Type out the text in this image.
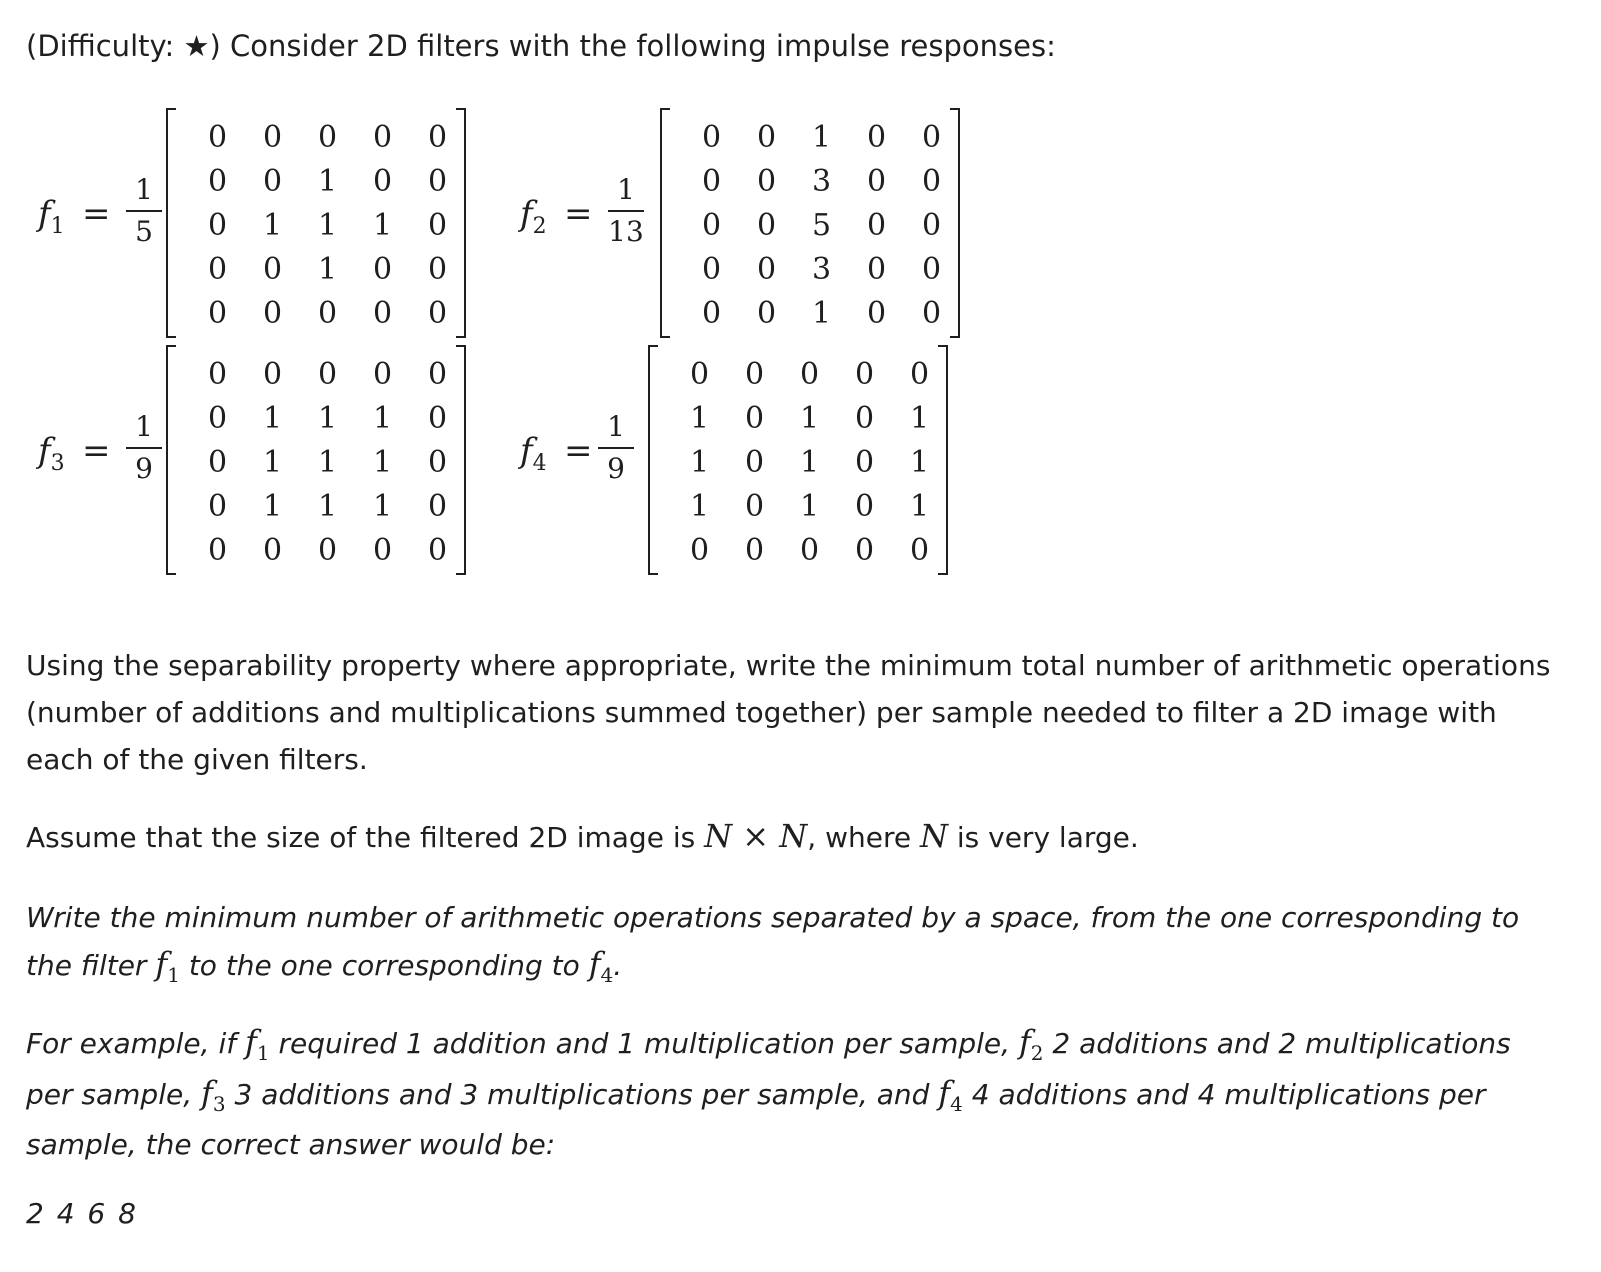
(Difficulty: ★) Consider 2D filters with the following impulse responses:
$f_1$ =
1
5
0	0	0	0	0
0	0	1	0	0
0	1	1	1	0
0	0	1	0	0
0	0	0	0	0
$f_2$ =
1
13
0	0	1	0	0
0	0	3	0	0
0	0	5	0	0
0	0	3	0	0
0	0	1	0	0
$f_3$ =
1
9
0	0	0	0	0
0	1	1	1	0
0	1	1	1	0
0	1	1	1	0
0	0	0	0	0
$f_4$ =
1
9
0	0	0	0	0
1	0	1	0	1
1	0	1	0	1
1	0	1	0	1
0	0	0	0	0

Using the separability property where appropriate, write the minimum total number of arithmetic operations (number of additions and multiplications summed together) per sample needed to filter a 2D image with each of the given filters.

Assume that the size of the filtered 2D image is N × N, where N is very large.

Write the minimum number of arithmetic operations separated by a space, from the one corresponding to the filter $f_1$ to the one corresponding to $f_4$.

For example, if $f_1$ required 1 addition and 1 multiplication per sample, $f_2$ 2 additions and 2 multiplications per sample, $f_3$ 3 additions and 3 multiplications per sample, and $f_4$ 4 additions and 4 multiplications per sample, the correct answer would be:

2 4 6 8
